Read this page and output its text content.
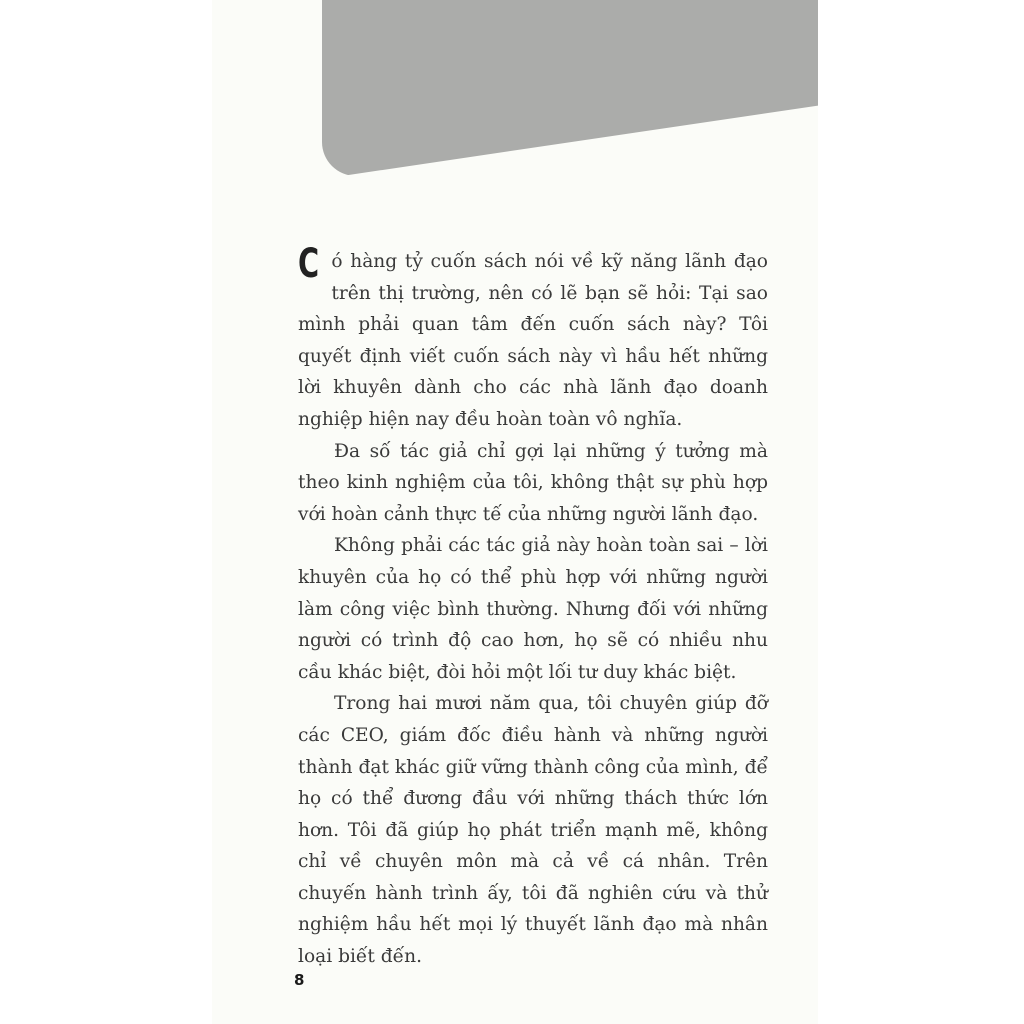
Có hàng tỷ cuốn sách nói về kỹ năng lãnh đạo trên thị trường, nên có lẽ bạn sẽ hỏi: Tại sao mình phải quan tâm đến cuốn sách này? Tôi quyết định viết cuốn sách này vì hầu hết những lời khuyên dành cho các nhà lãnh đạo doanh nghiệp hiện nay đều hoàn toàn vô nghĩa.

Đa số tác giả chỉ gợi lại những ý tưởng mà theo kinh nghiệm của tôi, không thật sự phù hợp với hoàn cảnh thực tế của những người lãnh đạo.

Không phải các tác giả này hoàn toàn sai – lời khuyên của họ có thể phù hợp với những người làm công việc bình thường. Nhưng đối với những người có trình độ cao hơn, họ sẽ có nhiều nhu cầu khác biệt, đòi hỏi một lối tư duy khác biệt.

Trong hai mươi năm qua, tôi chuyên giúp đỡ các CEO, giám đốc điều hành và những người thành đạt khác giữ vững thành công của mình, để họ có thể đương đầu với những thách thức lớn hơn. Tôi đã giúp họ phát triển mạnh mẽ, không chỉ về chuyên môn mà cả về cá nhân. Trên chuyến hành trình ấy, tôi đã nghiên cứu và thử nghiệm hầu hết mọi lý thuyết lãnh đạo mà nhân loại biết đến.

8
